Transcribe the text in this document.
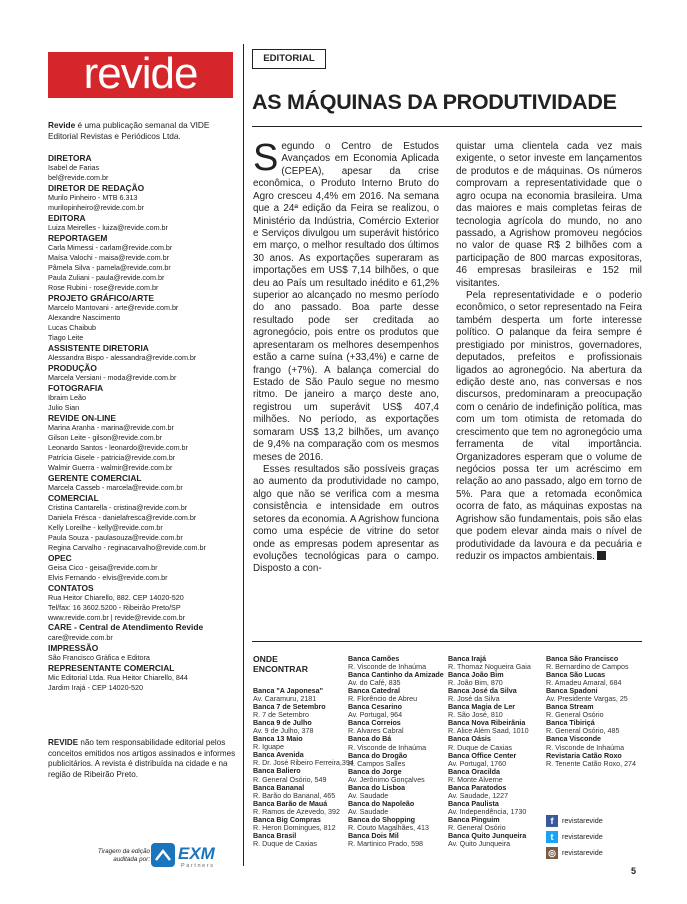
revide
Revide é uma publicação semanal da VIDE Editorial Revistas e Periódicos Ltda.
DIRETORA
Isabel de Farias
bel@revide.com.br
DIRETOR DE REDAÇÃO
Murilo Pinheiro - MTB 6.313
murilopinheiro@revide.com.br
EDITORA
Luiza Meirelles - luiza@revide.com.br
REPORTAGEM
Carla Mimessi - carlam@revide.com.br
Maísa Valochi - maisa@revide.com.br
Pâmela Silva - pamela@revide.com.br
Paula Zuliani - paula@revide.com.br
Rose Rubini - rose@revide.com.br
PROJETO GRÁFICO/ARTE
Marcelo Mantovani - arte@revide.com.br
Alexandre Nascimento
Lucas Chaibub
Tiago Leite
ASSISTENTE DIRETORIA
Alessandra Bispo - alessandra@revide.com.br
PRODUÇÃO
Marcela Versiani - moda@revide.com.br
FOTOGRAFIA
Ibraim Leão
Julio Sian
REVIDE ON-LINE
Marina Aranha - marina@revide.com.br
Gilson Leite - gilson@revide.com.br
Leonardo Santos - leonardo@revide.com.br
Patrícia Gisele - patricia@revide.com.br
Walmir Guerra - walmir@revide.com.br
GERENTE COMERCIAL
Marcela Casseb - marcela@revide.com.br
COMERCIAL
Cristina Cantarella - cristina@revide.com.br
Daniela Frésca - danielafresca@revide.com.br
Kelly Loreilhe - kelly@revide.com.br
Paula Souza - paulasouza@revide.com.br
Regina Carvalho - reginacarvalho@revide.com.br
OPEC
Geisa Cico - geisa@revide.com.br
Elvis Fernando - elvis@revide.com.br
CONTATOS
Rua Heitor Chiarello, 882. CEP 14020-520
Tel/fax: 16 3602.5200 - Ribeirão Preto/SP
www.revide.com.br | revide@revide.com.br
CARE - Central de Atendimento Revide
care@revide.com.br
IMPRESSÃO
São Francisco Gráfica e Editora
REPRESENTANTE COMERCIAL
Mic Editorial Ltda. Rua Heitor Chiarello, 844
Jardim Irajá - CEP 14020-520
REVIDE não tem responsabilidade editorial pelos conceitos emitidos nos artigos assinados e informes publicitários. A revista é distribuída na cidade e na região de Ribeirão Preto.
Tiragem da edição auditada por: EXM
Partners
EDITORIAL
AS MÁQUINAS DA PRODUTIVIDADE

Segundo o Centro de Estudos Avançados em Economia Aplicada (CEPEA), apesar da crise econômica, o Produto Interno Bruto do Agro cresceu 4,4% em 2016. Na semana que a 24ª edição da Feira se realizou, o Ministério da Indústria, Comércio Exterior e Serviços divulgou um superávit histórico em março, o melhor resultado dos últimos 30 anos. As exportações superaram as importações em US$ 7,14 bilhões, o que deu ao País um resultado inédito e 61,2% superior ao alcançado no mesmo período do ano passado. Boa parte desse resultado pode ser creditada ao agronegócio, pois entre os produtos que apresentaram os melhores desempenhos estão a carne suína (+33,4%) e carne de frango (+7%). A balança comercial do Estado de São Paulo segue no mesmo ritmo. De janeiro a março deste ano, registrou um superávit US$ 407,4 milhões. No período, as exportações somaram US$ 13,2 bilhões, um avanço de 9,4% na comparação com os mesmos meses de 2016.

Esses resultados são possíveis graças ao aumento da produtividade no campo, algo que não se verifica com a mesma consistência e intensidade em outros setores da economia. A Agrishow funciona como uma espécie de vitrine do setor onde as empresas podem apresentar as evoluções tecnológicas para o campo. Disposto a con-

quistar uma clientela cada vez mais exigente, o setor investe em lançamentos de produtos e de máquinas. Os números comprovam a representatividade que o agro ocupa na economia brasileira. Uma das maiores e mais completas feiras de tecnologia agrícola do mundo, no ano passado, a Agrishow promoveu negócios no valor de quase R$ 2 bilhões com a participação de 800 marcas expositoras, 46 empresas brasileiras e 152 mil visitantes.

Pela representatividade e o poderio econômico, o setor representado na Feira também desperta um forte interesse político. O palanque da feira sempre é prestigiado por ministros, governadores, deputados, prefeitos e profissionais ligados ao agronegócio. Na abertura da edição deste ano, nas conversas e nos discursos, predominaram a preocupação com o cenário de indefinição política, mas com um tom otimista de retomada do crescimento que tem no agronegócio uma ferramenta de vital importância. Organizadores esperam que o volume de negócios possa ter um acréscimo em relação ao ano passado, algo em torno de 5%. Para que a retomada econômica ocorra de fato, as máquinas expostas na Agrishow são fundamentais, pois são elas que podem elevar ainda mais o nível de produtividade da lavoura e da pecuária e reduzir os impactos ambientais.

ONDE
ENCONTRAR
Banca "A Japonesa"
Av. Caramuru, 2181
Banca 7 de Setembro
R. 7 de Setembro
Banca 9 de Julho
Av. 9 de Julho, 378
Banca 13 Maio
R. Iguape
Banca Avenida
R. Dr. José Ribeiro Ferreira,394
Banca Baliero
R. General Osório, 549
Banca Bananal
R. Barão do Bananal, 465
Banca Barão de Mauá
R. Ramos de Azevedo, 392
Banca Big Compras
R. Heron Domingues, 812
Banca Brasil
R. Duque de Caxias
Banca Camões
R. Visconde de Inhaúma
Banca Cantinho da Amizade
Av. do Café, 835
Banca Catedral
R. Florêncio de Abreu
Banca Cesarino
Av. Portugal, 964
Banca Correios
R. Alvares Cabral
Banca do Bá
R. Visconde de Inhaúma
Banca do Drogão
R. Campos Salles
Banca do Jorge
Av. Jerônimo Gonçalves
Banca do Lisboa
Av. Saudade
Banca do Napoleão
Av. Saudade
Banca do Shopping
R. Couto Magalhães, 413
Banca Dois Mil
R. Martinico Prado, 598
Banca Irajá
R. Thomaz Nogueira Gaia
Banca João Bim
R. João Bim, 870
Banca José da Silva
R. José da Silva
Banca Magia de Ler
R. São José, 810
Banca Nova Ribeirânia
R. Alice Além Saad, 1010
Banca Oásis
R. Duque de Caxias
Banca Office Center
Av. Portugal, 1760
Banca Oracilda
R. Monte Alverne
Banca Paratodos
Av. Saudade, 1227
Banca Paulista
Av. Independência, 1730
Banca Pinguim
R. General Osório
Banca Quito Junqueira
Av. Quito Junqueira
Banca São Francisco
R. Bernardino de Campos
Banca São Lucas
R. Amadeu Amaral, 684
Banca Spadoni
Av. Presidente Vargas, 25
Banca Stream
R. General Osório
Banca Tibiriçá
R. General Osório, 485
Banca Visconde
R. Visconde de Inhaúma
Revistaria Catão Roxo
R. Tenente Catão Roxo, 274
f	revistarevide
t	revistarevide
◎ revistarevide
5
